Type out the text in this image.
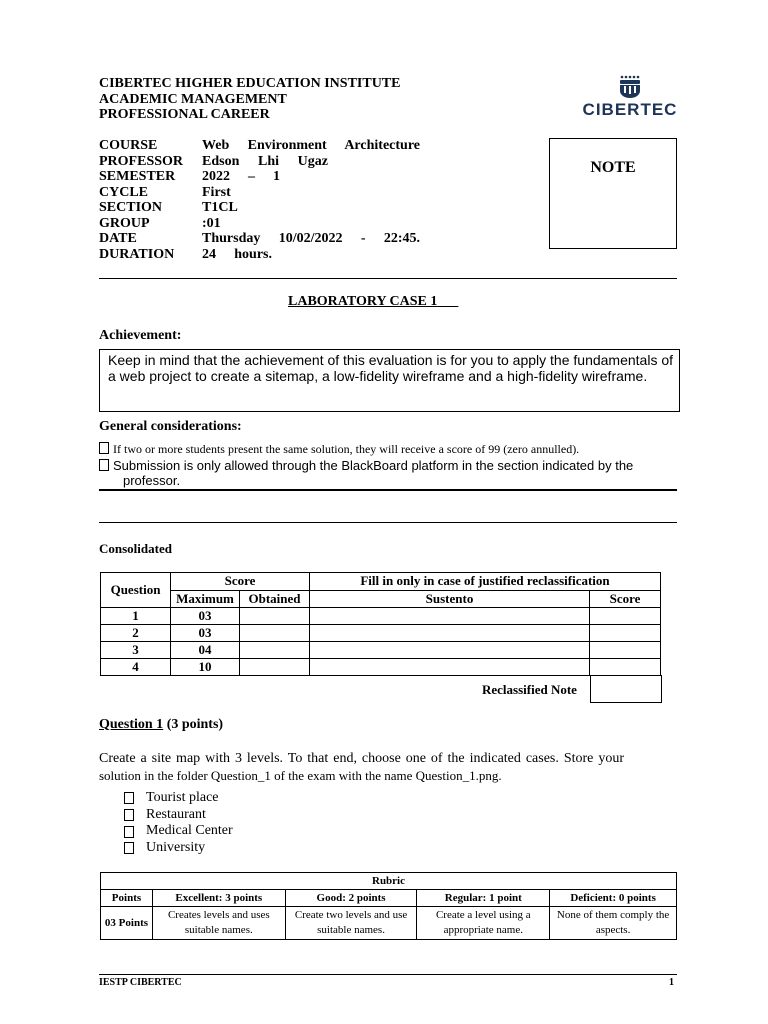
CIBERTEC HIGHER EDUCATION INSTITUTE
ACADEMIC MANAGEMENT
PROFESSIONAL CAREER	CIBERTEC
COURSE	Web Environment Architecture
PROFESSOR	Edson Lhi Ugaz
SEMESTER	2022 – 1
CYCLE	First
SECTION	T1CL
GROUP	:01
DATE	Thursday 10/02/2022 - 22:45.
DURATION	24 hours.
NOTE
LABORATORY CASE 1
Achievement:
Keep in mind that the achievement of this evaluation is for you to apply the fundamentals of a web project to create a sitemap, a low-fidelity wireframe and a high-fidelity wireframe.
General considerations:
If two or more students present the same solution, they will receive a score of 99 (zero annulled).
Submission is only allowed through the BlackBoard platform in the section indicated by the
professor.
Consolidated
Question	Score		Fill in only in case of justified reclassification	
	Maximum	Obtained	Sustento	Score
1	03			
2	03			
3	04			
4	10			
Reclassified Note
Question 1 (3 points)
Create a site map with 3 levels. To that end, choose one of the indicated cases. Store your
solution in the folder Question_1 of the exam with the name Question_1.png.
Tourist place
Restaurant
Medical Center
University
Rubric				
Points	Excellent: 3 points	Good: 2 points	Regular: 1 point	Deficient: 0 points
03 Points	Creates levels and uses suitable names.	Create two levels and use suitable names.	Create a level using a appropriate name.	None of them comply the aspects.
IESTP CIBERTEC	1
